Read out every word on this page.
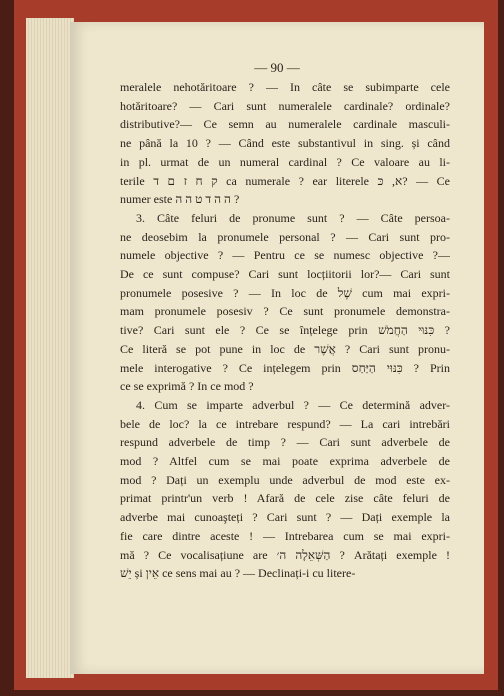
— 90 —
meralele nehotăritoare ? — In câte se subimparte cele
hotăritoare? — Cari sunt numeralele cardinale? ordinale?
distributive?— Ce semn au numeralele cardinale masculi-
ne până la 10 ? — Când este substantivul in sing. și când
in pl. urmat de un numeral cardinal ? Ce valoare au li-
terile ק ח ז ם ד ca numerale ? ear literele ﬡ, כּ? — Ce
numer este ה ה ד ט ה ה ?
3. Câte feluri de pronume sunt ? — Câte persoa-
ne deosebim la pronumele personal ? — Cari sunt pro-
numele objective ? — Pentru ce se numesc objective ?—
De ce sunt compuse? Cari sunt locțiitorii lor?— Cari sunt
pronumele posesive ? — In loc de שֶׁל cum mai expri-
mam pronumele posesiv ? Ce sunt pronumele demonstra-
tive? Cari sunt ele ? Ce se înțelege prin כִּנּוּי הַחֲמֹשׁ ?
Ce literă se pot pune in loc de אֲשֶׁר ? Cari sunt pronu-
mele interogative ? Ce ințelegem prin כִּנּוּי הַיַּחַס ? Prin
ce se exprimă ? In ce mod ?
4. Cum se imparte adverbul ? — Ce determină adver-
bele de loc? la ce intrebare respund? — La cari intrebări
respund adverbele de timp ? — Cari sunt adverbele de
mod ? Altfel cum se mai poate exprima adverbele de
mod ? Dați un exemplu unde adverbul de mod este ex-
primat printr'un verb ! Afară de cele zise câte feluri de
adverbe mai cunoaşteți ? Cari sunt ? — Dați exemple la
fie care dintre aceste ! — Intrebarea cum se mai expri-
mă ? Ce vocalisațiune are הַשְּׁאֵלָה ה׳ ? Arătați exemple !
יֵשׁ și אֵין ce sens mai au ? — Declinați-i cu litere-
